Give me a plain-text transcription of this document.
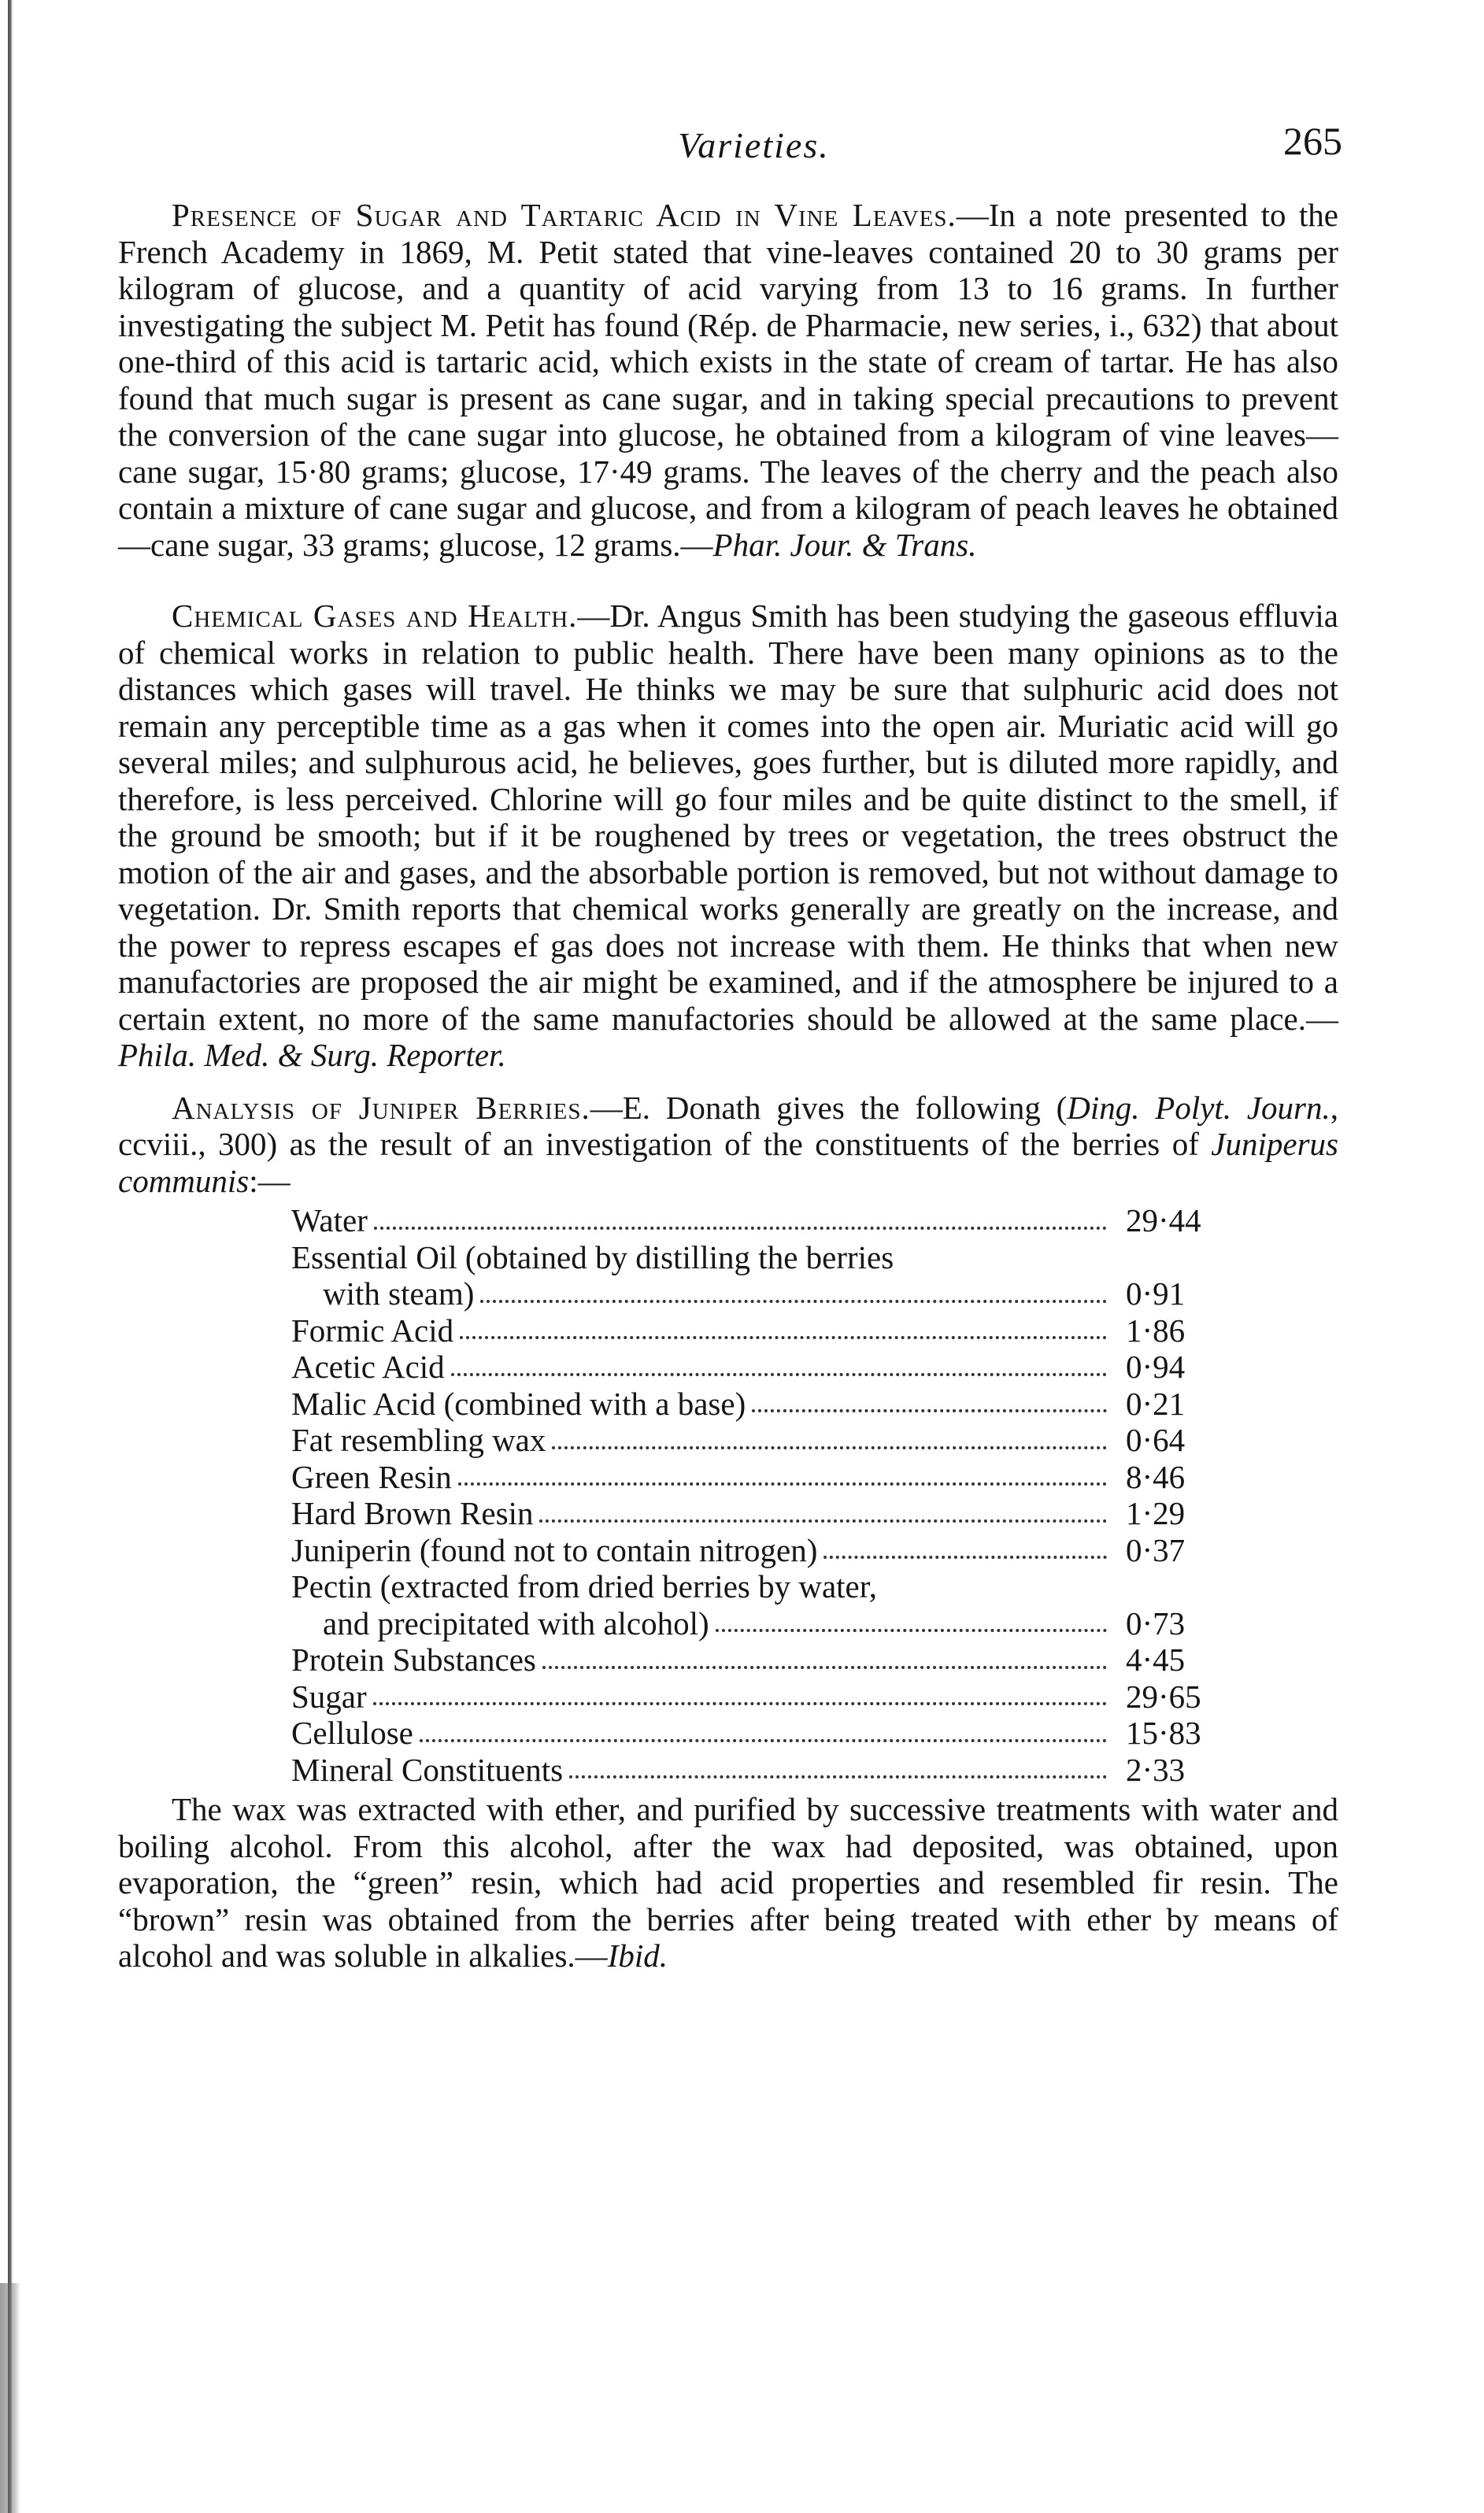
Varieties.	265

Presence of Sugar and Tartaric Acid in Vine Leaves.—In a note presented to the French Academy in 1869, M. Petit stated that vine-leaves contained 20 to 30 grams per kilogram of glucose, and a quantity of acid varying from 13 to 16 grams. In further investigating the subject M. Petit has found (Rép. de Pharmacie, new series, i., 632) that about one-third of this acid is tartaric acid, which exists in the state of cream of tartar. He has also found that much sugar is present as cane sugar, and in taking special precautions to prevent the conversion of the cane sugar into glucose, he obtained from a kilogram of vine leaves—cane sugar, 15·80 grams; glucose, 17·49 grams. The leaves of the cherry and the peach also contain a mixture of cane sugar and glucose, and from a kilogram of peach leaves he obtained—cane sugar, 33 grams; glucose, 12 grams.—Phar. Jour. & Trans.

Chemical Gases and Health.—Dr. Angus Smith has been studying the gaseous effluvia of chemical works in relation to public health. There have been many opinions as to the distances which gases will travel. He thinks we may be sure that sulphuric acid does not remain any perceptible time as a gas when it comes into the open air. Muriatic acid will go several miles; and sulphurous acid, he believes, goes further, but is diluted more rapidly, and therefore, is less perceived. Chlorine will go four miles and be quite distinct to the smell, if the ground be smooth; but if it be roughened by trees or vegetation, the trees obstruct the motion of the air and gases, and the absorbable portion is removed, but not without damage to vegetation. Dr. Smith reports that chemical works generally are greatly on the increase, and the power to repress escapes ef gas does not increase with them. He thinks that when new manufactories are proposed the air might be examined, and if the atmosphere be injured to a certain extent, no more of the same manufactories should be allowed at the same place.—Phila. Med. & Surg. Reporter.

Analysis of Juniper Berries.—E. Donath gives the following (Ding. Polyt. Journ., ccviii., 300) as the result of an investigation of the constituents of the berries of Juniperus communis:—

Water	29·44
Essential Oil (obtained by distilling the berries
with steam)	0·91
Formic Acid	1·86
Acetic Acid	0·94
Malic Acid (combined with a base)	0·21
Fat resembling wax	0·64
Green Resin	8·46
Hard Brown Resin	1·29
Juniperin (found not to contain nitrogen)	0·37
Pectin (extracted from dried berries by water,
and precipitated with alcohol)	0·73
Protein Substances	4·45
Sugar	29·65
Cellulose	15·83
Mineral Constituents	2·33

The wax was extracted with ether, and purified by successive treatments with water and boiling alcohol. From this alcohol, after the wax had deposited, was obtained, upon evaporation, the “green” resin, which had acid properties and resembled fir resin. The “brown” resin was obtained from the berries after being treated with ether by means of alcohol and was soluble in alkalies.—Ibid.
